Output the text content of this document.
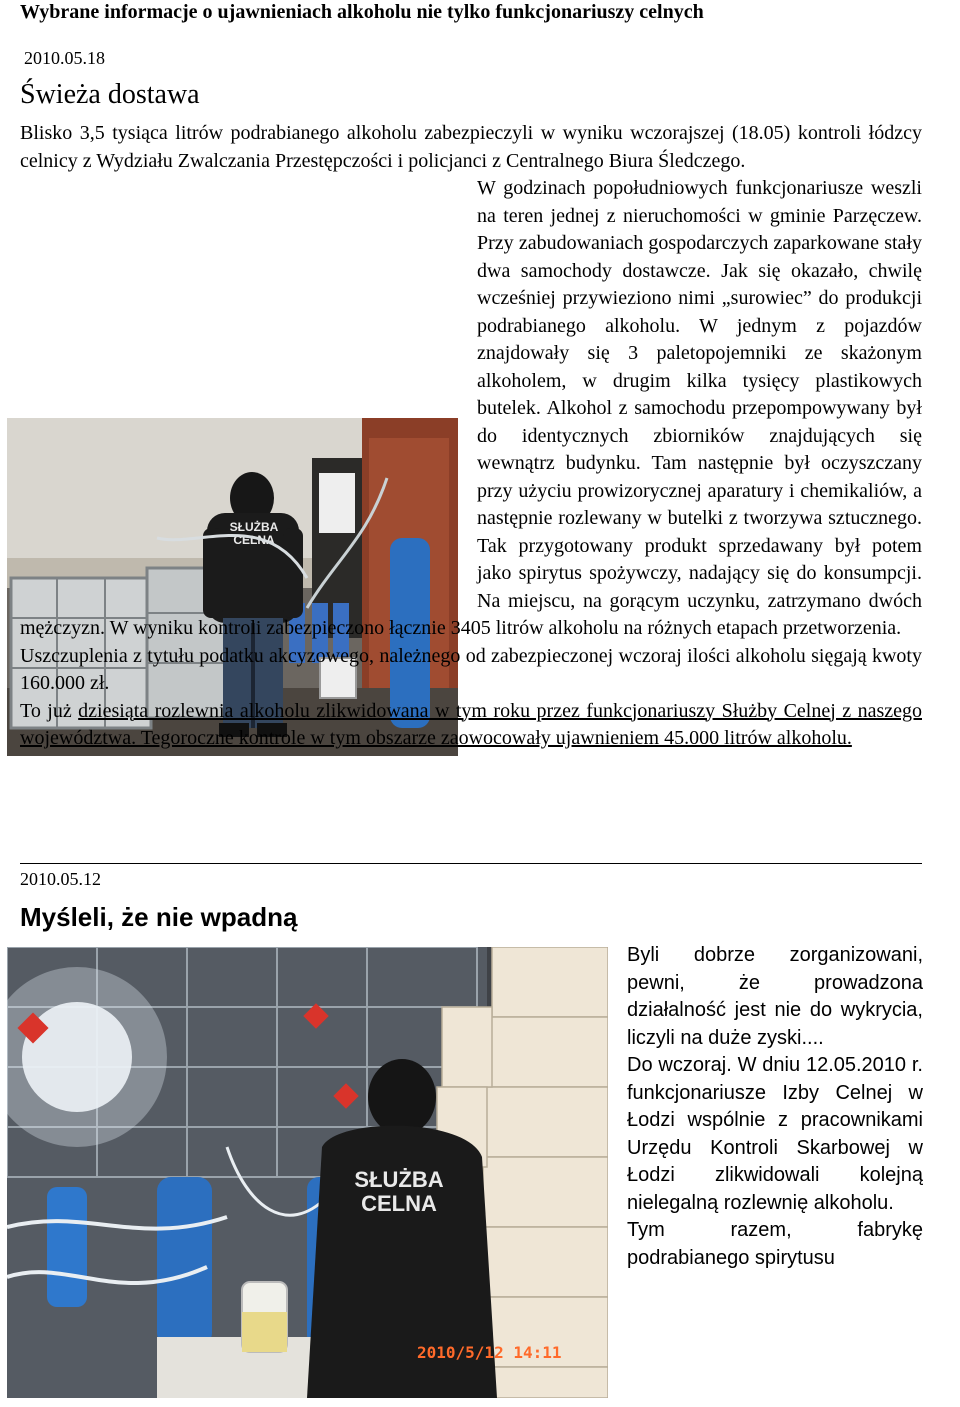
Wybrane informacje o ujawnieniach alkoholu nie tylko funkcjonariuszy celnych
2010.05.18
Świeża dostawa
SŁUŻBA
CELNA

Blisko 3,5 tysiąca litrów podrabianego alkoholu zabezpieczyli w wyniku wczorajszej (18.05) kontroli łódzcy celnicy z Wydziału Zwalczania Przestępczości i policjanci z Centralnego Biura Śledczego.

W godzinach popołudniowych funkcjonariusze weszli na teren jednej z nieruchomości w gminie Parzęczew. Przy zabudowaniach gospodarczych zaparkowane stały dwa samochody dostawcze. Jak się okazało, chwilę wcześniej przywieziono nimi „surowiec” do produkcji podrabianego alkoholu. W jednym z pojazdów znajdowały się 3 paletopojemniki ze skażonym alkoholem, w drugim kilka tysięcy plastikowych butelek. Alkohol z samochodu przepompowywany był do identycznych zbiorników znajdujących się wewnątrz budynku. Tam następnie był oczyszczany przy użyciu prowizorycznej aparatury i chemikaliów, a następnie rozlewany w butelki z tworzywa sztucznego. Tak przygotowany produkt sprzedawany był potem jako spirytus spożywczy, nadający się do konsumpcji. Na miejscu, na gorącym uczynku, zatrzymano dwóch mężczyzn. W wyniku kontroli zabezpieczono łącznie 3405 litrów alkoholu na różnych etapach przetworzenia.

Uszczuplenia z tytułu podatku akcyzowego, należnego od zabezpieczonej wczoraj ilości alkoholu sięgają kwoty 160.000 zł.

To już dziesiąta rozlewnia alkoholu zlikwidowana w tym roku przez funkcjonariuszy Służby Celnej z naszego województwa. Tegoroczne kontrole w tym obszarze zaowocowały ujawnieniem 45.000 litrów alkoholu.

2010.05.12
Myśleli, że nie wpadną
SŁUŻBA
CELNA
2010/5/12 14:11

Byli dobrze zorganizowani, pewni, że prowadzona działalność jest nie do wykrycia, liczyli na duże zyski....

Do wczoraj. W dniu 12.05.2010 r. funkcjonariusze Izby Celnej w Łodzi wspólnie z pracownikami Urzędu Kontroli Skarbowej w Łodzi zlikwidowali kolejną nielegalną rozlewnię alkoholu.

Tym razem, fabrykę podrabianego spirytusu
